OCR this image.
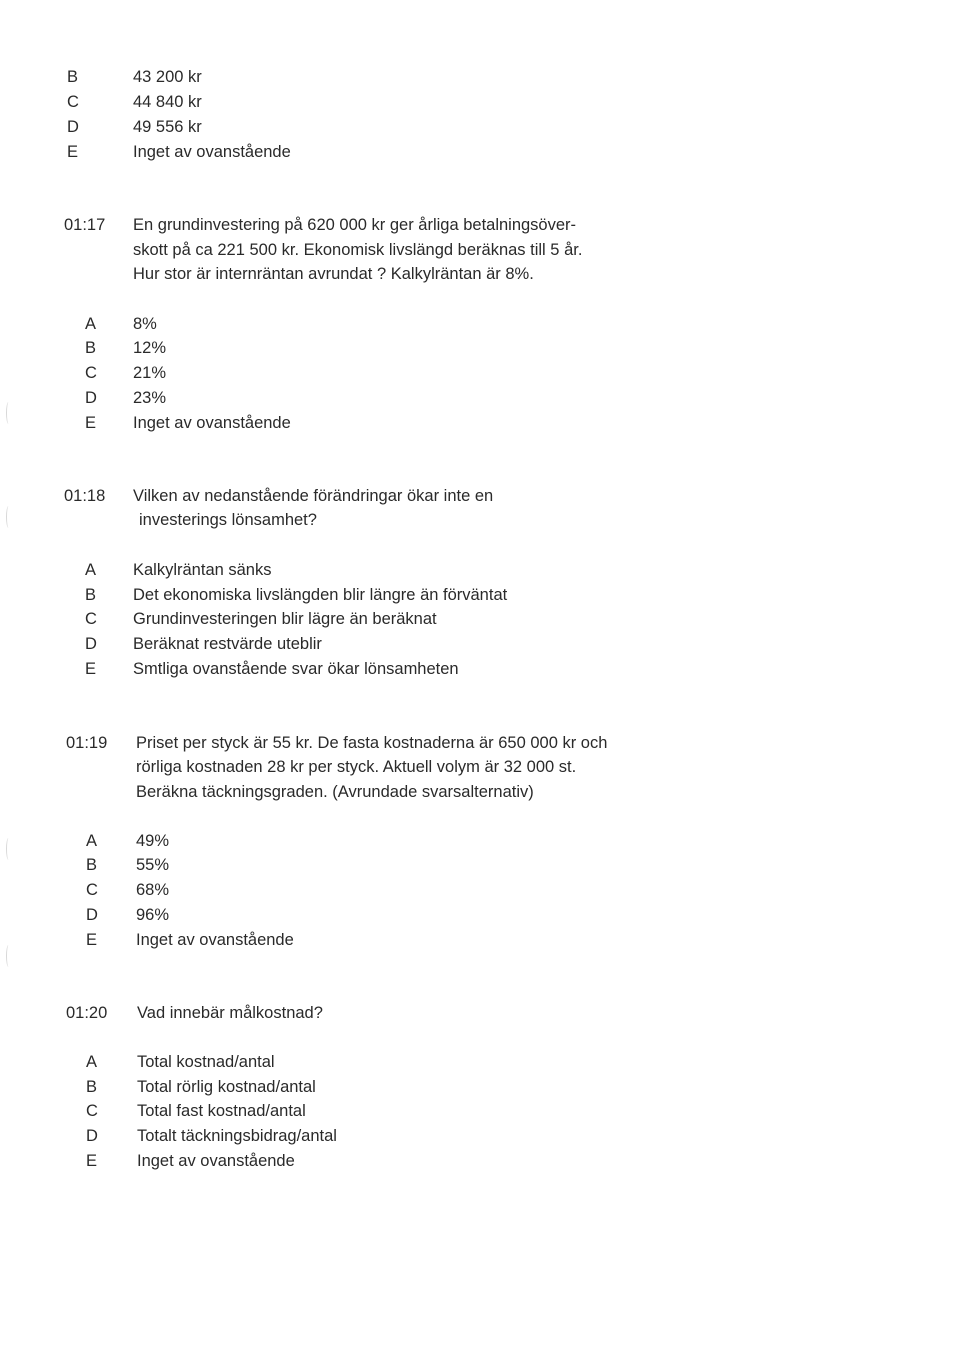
B	43 200 kr
C	44 840 kr
D	49 556 kr
E	Inget av ovanstående
01:17 En grundinvestering på 620 000 kr ger årliga betalningsöver-
skott på ca 221 500 kr. Ekonomisk livslängd beräknas till 5 år.
Hur stor är internräntan avrundat ? Kalkylräntan är 8%.
A 8%
B 12%
C 21%
D 23%
E Inget av ovanstående
01:18 Vilken av nedanstående förändringar ökar inte en
investerings lönsamhet?
A Kalkylräntan sänks
B Det ekonomiska livslängden blir längre än förväntat
C Grundinvesteringen blir lägre än beräknat
D Beräknat restvärde uteblir
E Smtliga ovanstående svar ökar lönsamheten
01:19 Priset per styck är 55 kr. De fasta kostnaderna är 650 000 kr och
rörliga kostnaden 28 kr per styck. Aktuell volym är 32 000 st.
Beräkna täckningsgraden. (Avrundade svarsalternativ)
A 49%
B 55%
C 68%
D 96%
E Inget av ovanstående
01:20 Vad innebär målkostnad?
A Total kostnad/antal
B Total rörlig kostnad/antal
C Total fast kostnad/antal
D Totalt täckningsbidrag/antal
E Inget av ovanstående
